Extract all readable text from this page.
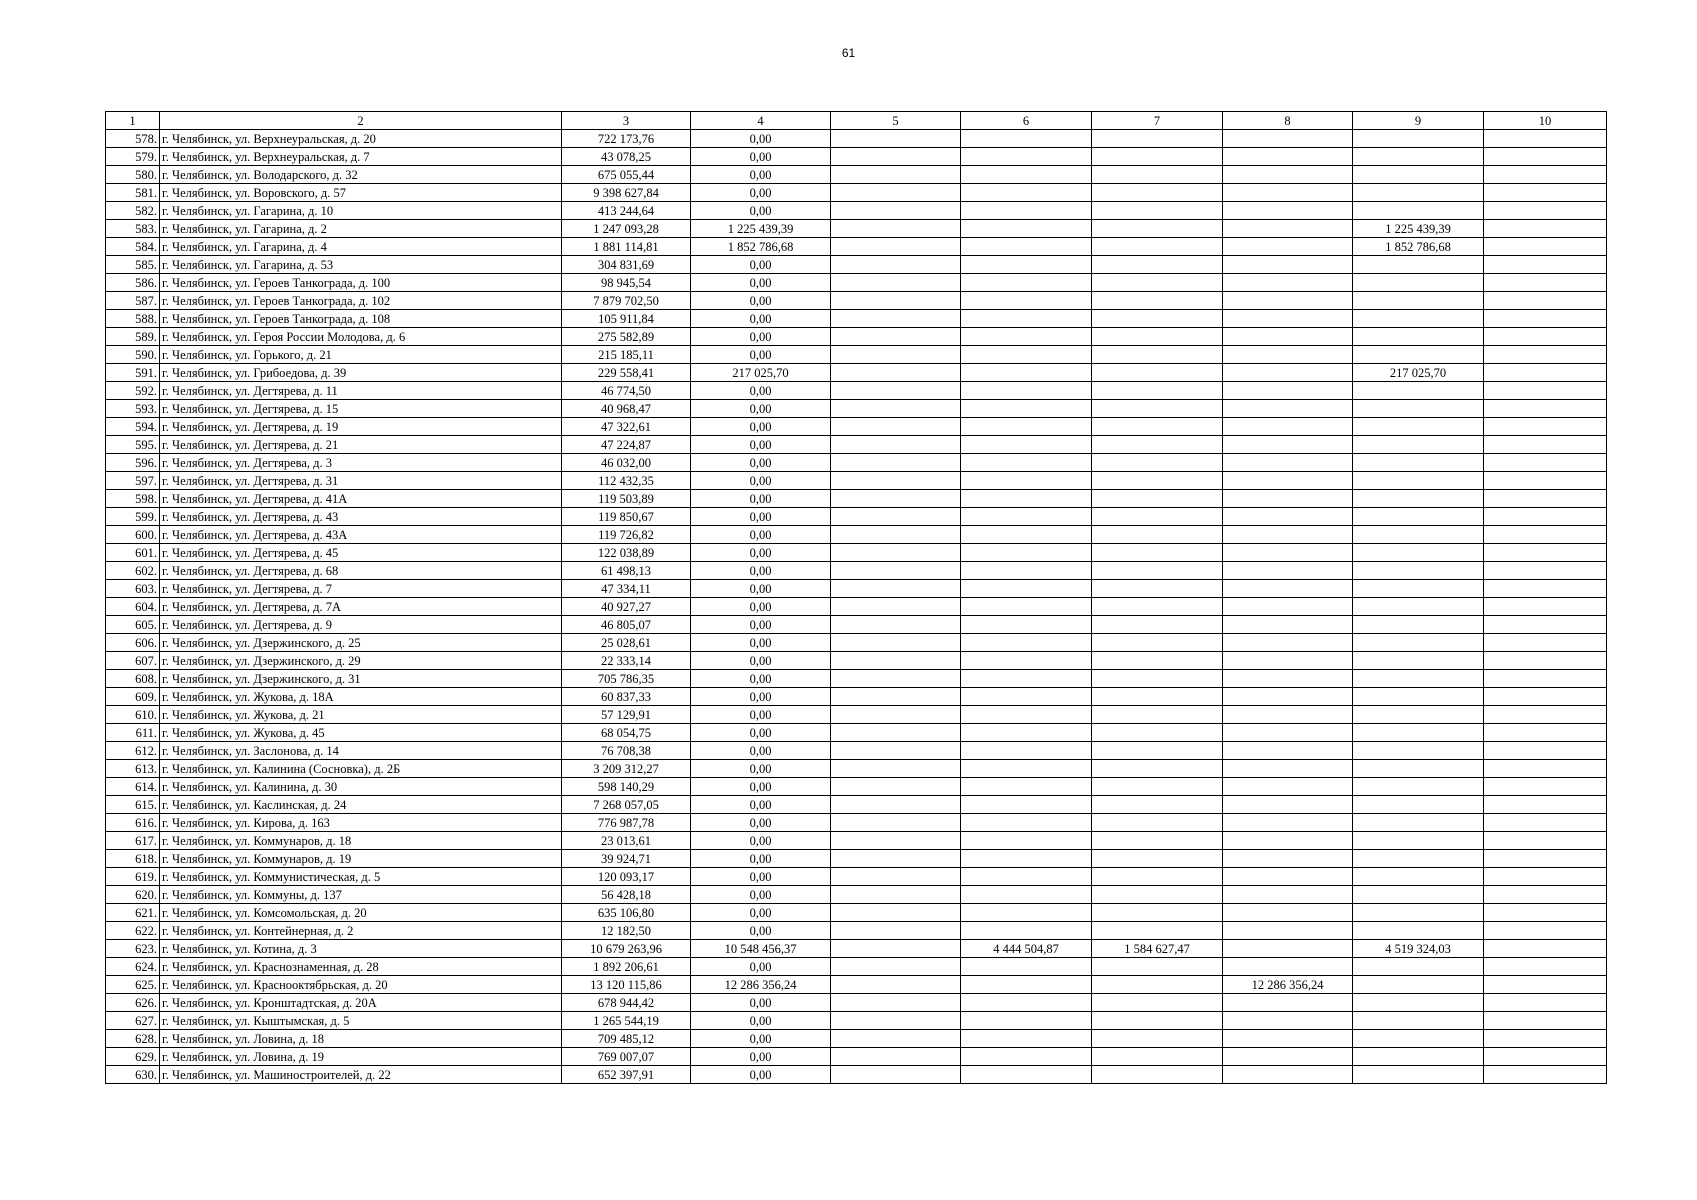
61
1	2	3	4	5	6	7	8	9	10
578.	г. Челябинск, ул. Верхнеуральская, д. 20	722 173,76	0,00						
579.	г. Челябинск, ул. Верхнеуральская, д. 7	43 078,25	0,00						
580.	г. Челябинск, ул. Володарского, д. 32	675 055,44	0,00						
581.	г. Челябинск, ул. Воровского, д. 57	9 398 627,84	0,00						
582.	г. Челябинск, ул. Гагарина, д. 10	413 244,64	0,00						
583.	г. Челябинск, ул. Гагарина, д. 2	1 247 093,28	1 225 439,39					1 225 439,39	
584.	г. Челябинск, ул. Гагарина, д. 4	1 881 114,81	1 852 786,68					1 852 786,68	
585.	г. Челябинск, ул. Гагарина, д. 53	304 831,69	0,00						
586.	г. Челябинск, ул. Героев Танкограда, д. 100	98 945,54	0,00						
587.	г. Челябинск, ул. Героев Танкограда, д. 102	7 879 702,50	0,00						
588.	г. Челябинск, ул. Героев Танкограда, д. 108	105 911,84	0,00						
589.	г. Челябинск, ул. Героя России Молодова, д. 6	275 582,89	0,00						
590.	г. Челябинск, ул. Горького, д. 21	215 185,11	0,00						
591.	г. Челябинск, ул. Грибоедова, д. 39	229 558,41	217 025,70					217 025,70	
592.	г. Челябинск, ул. Дегтярева, д. 11	46 774,50	0,00						
593.	г. Челябинск, ул. Дегтярева, д. 15	40 968,47	0,00						
594.	г. Челябинск, ул. Дегтярева, д. 19	47 322,61	0,00						
595.	г. Челябинск, ул. Дегтярева, д. 21	47 224,87	0,00						
596.	г. Челябинск, ул. Дегтярева, д. 3	46 032,00	0,00						
597.	г. Челябинск, ул. Дегтярева, д. 31	112 432,35	0,00						
598.	г. Челябинск, ул. Дегтярева, д. 41А	119 503,89	0,00						
599.	г. Челябинск, ул. Дегтярева, д. 43	119 850,67	0,00						
600.	г. Челябинск, ул. Дегтярева, д. 43А	119 726,82	0,00						
601.	г. Челябинск, ул. Дегтярева, д. 45	122 038,89	0,00						
602.	г. Челябинск, ул. Дегтярева, д. 68	61 498,13	0,00						
603.	г. Челябинск, ул. Дегтярева, д. 7	47 334,11	0,00						
604.	г. Челябинск, ул. Дегтярева, д. 7А	40 927,27	0,00						
605.	г. Челябинск, ул. Дегтярева, д. 9	46 805,07	0,00						
606.	г. Челябинск, ул. Дзержинского, д. 25	25 028,61	0,00						
607.	г. Челябинск, ул. Дзержинского, д. 29	22 333,14	0,00						
608.	г. Челябинск, ул. Дзержинского, д. 31	705 786,35	0,00						
609.	г. Челябинск, ул. Жукова, д. 18А	60 837,33	0,00						
610.	г. Челябинск, ул. Жукова, д. 21	57 129,91	0,00						
611.	г. Челябинск, ул. Жукова, д. 45	68 054,75	0,00						
612.	г. Челябинск, ул. Заслонова, д. 14	76 708,38	0,00						
613.	г. Челябинск, ул. Калинина (Сосновка), д. 2Б	3 209 312,27	0,00						
614.	г. Челябинск, ул. Калинина, д. 30	598 140,29	0,00						
615.	г. Челябинск, ул. Каслинская, д. 24	7 268 057,05	0,00						
616.	г. Челябинск, ул. Кирова, д. 163	776 987,78	0,00						
617.	г. Челябинск, ул. Коммунаров, д. 18	23 013,61	0,00						
618.	г. Челябинск, ул. Коммунаров, д. 19	39 924,71	0,00						
619.	г. Челябинск, ул. Коммунистическая, д. 5	120 093,17	0,00						
620.	г. Челябинск, ул. Коммуны, д. 137	56 428,18	0,00						
621.	г. Челябинск, ул. Комсомольская, д. 20	635 106,80	0,00						
622.	г. Челябинск, ул. Контейнерная, д. 2	12 182,50	0,00						
623.	г. Челябинск, ул. Котина, д. 3	10 679 263,96	10 548 456,37		4 444 504,87	1 584 627,47		4 519 324,03	
624.	г. Челябинск, ул. Краснознаменная, д. 28	1 892 206,61	0,00						
625.	г. Челябинск, ул. Краснооктябрьская, д. 20	13 120 115,86	12 286 356,24				12 286 356,24		
626.	г. Челябинск, ул. Кронштадтская, д. 20А	678 944,42	0,00						
627.	г. Челябинск, ул. Кыштымская, д. 5	1 265 544,19	0,00						
628.	г. Челябинск, ул. Ловина, д. 18	709 485,12	0,00						
629.	г. Челябинск, ул. Ловина, д. 19	769 007,07	0,00						
630.	г. Челябинск, ул. Машиностроителей, д. 22	652 397,91	0,00						
